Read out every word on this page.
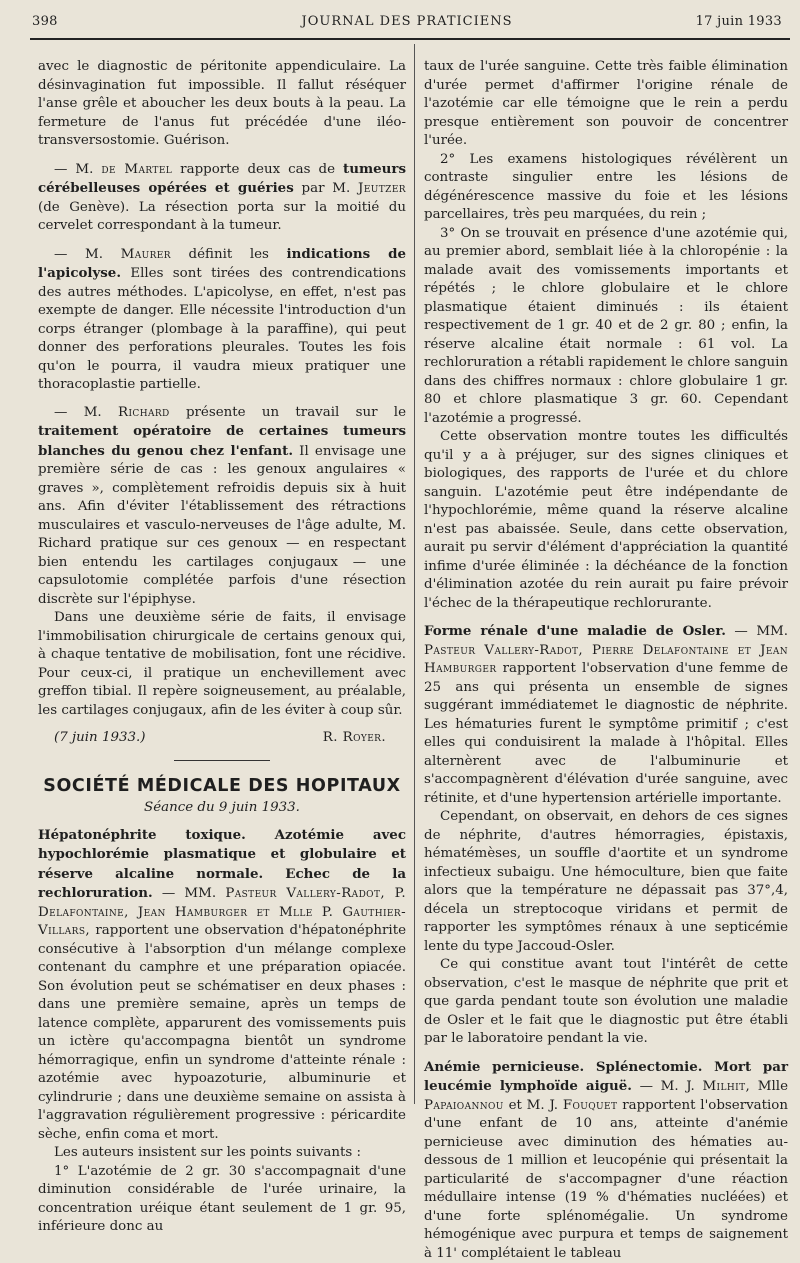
398	JOURNAL DES PRATICIENS	17 juin 1933

avec le diagnostic de péritonite appendiculaire. La désinvagination fut impossible. Il fallut réséquer l'anse grêle et aboucher les deux bouts à la peau. La fermeture de l'anus fut précédée d'une iléo-transversostomie. Guérison.

— M. de Martel rapporte deux cas de tumeurs cérébelleuses opérées et guéries par M. Jeutzer (de Genève). La résection porta sur la moitié du cervelet correspondant à la tumeur.

— M. Maurer définit les indications de l'apicolyse. Elles sont tirées des contrendications des autres méthodes. L'apicolyse, en effet, n'est pas exempte de danger. Elle nécessite l'introduction d'un corps étranger (plombage à la paraffine), qui peut donner des perforations pleurales. Toutes les fois qu'on le pourra, il vaudra mieux pratiquer une thoracoplastie partielle.

— M. Richard présente un travail sur le traitement opératoire de certaines tumeurs blanches du genou chez l'enfant. Il envisage une première série de cas : les genoux angulaires « graves », complètement refroidis depuis six à huit ans. Afin d'éviter l'établissement des rétractions musculaires et vasculo-nerveuses de l'âge adulte, M. Richard pratique sur ces genoux — en respectant bien entendu les cartilages conjugaux — une capsulotomie complétée parfois d'une résection discrète sur l'épiphyse.

Dans une deuxième série de faits, il envisage l'immobilisation chirurgicale de certains genoux qui, à chaque tentative de mobilisation, font une récidive. Pour ceux-ci, il pratique un enchevillement avec greffon tibial. Il repère soigneusement, au préalable, les cartilages conjugaux, afin de les éviter à coup sûr.

(7 juin 1933.)	R. Royer.
SOCIÉTÉ MÉDICALE DES HOPITAUX
Séance du 9 juin 1933.

Hépatonéphrite toxique. Azotémie avec hypochlorémie plasmatique et globulaire et réserve alcaline normale. Echec de la rechloruration. — MM. Pasteur Vallery-Radot, P. Delafontaine, Jean Hamburger et Mlle P. Gauthier-Villars, rapportent une observation d'hépatonéphrite consécutive à l'absorption d'un mélange complexe contenant du camphre et une préparation opiacée. Son évolution peut se schématiser en deux phases : dans une première semaine, après un temps de latence complète, apparurent des vomissements puis un ictère qu'accompagna bientôt un syndrome hémorragique, enfin un syndrome d'atteinte rénale : azotémie avec hypoazoturie, albuminurie et cylindrurie ; dans une deuxième semaine on assista à l'aggravation régulièrement progressive : péricardite sèche, enfin coma et mort.

Les auteurs insistent sur les points suivants :

1° L'azotémie de 2 gr. 30 s'accompagnait d'une diminution considérable de l'urée urinaire, la concentration uréique étant seulement de 1 gr. 95, inférieure donc au

taux de l'urée sanguine. Cette très faible élimination d'urée permet d'affirmer l'origine rénale de l'azotémie car elle témoigne que le rein a perdu presque entièrement son pouvoir de concentrer l'urée.

2° Les examens histologiques révélèrent un contraste singulier entre les lésions de dégénérescence massive du foie et les lésions parcellaires, très peu marquées, du rein ;

3° On se trouvait en présence d'une azotémie qui, au premier abord, semblait liée à la chloropénie : la malade avait des vomissements importants et répétés ; le chlore globulaire et le chlore plasmatique étaient diminués : ils étaient respectivement de 1 gr. 40 et de 2 gr. 80 ; enfin, la réserve alcaline était normale : 61 vol. La rechloruration a rétabli rapidement le chlore sanguin dans des chiffres normaux : chlore globulaire 1 gr. 80 et chlore plasmatique 3 gr. 60. Cependant l'azotémie a progressé.

Cette observation montre toutes les difficultés qu'il y a à préjuger, sur des signes cliniques et biologiques, des rapports de l'urée et du chlore sanguin. L'azotémie peut être indépendante de l'hypochlorémie, même quand la réserve alcaline n'est pas abaissée. Seule, dans cette observation, aurait pu servir d'élément d'appréciation la quantité infime d'urée éliminée : la déchéance de la fonction d'élimination azotée du rein aurait pu faire prévoir l'échec de la thérapeutique rechlorurante.

Forme rénale d'une maladie de Osler. — MM. Pasteur Vallery-Radot, Pierre Delafontaine et Jean Hamburger rapportent l'observation d'une femme de 25 ans qui présenta un ensemble de signes suggérant immédiatemet le diagnostic de néphrite. Les hématuries furent le symptôme primitif ; c'est elles qui conduisirent la malade à l'hôpital. Elles alternèrent avec de l'albuminurie et s'accompagnèrent d'élévation d'urée sanguine, avec rétinite, et d'une hypertension artérielle importante.

Cependant, on observait, en dehors de ces signes de néphrite, d'autres hémorragies, épistaxis, hématémèses, un souffle d'aortite et un syndrome infectieux subaigu. Une hémoculture, bien que faite alors que la température ne dépassait pas 37°,4, décela un streptocoque viridans et permit de rapporter les symptômes rénaux à une septicémie lente du type Jaccoud-Osler.

Ce qui constitue avant tout l'intérêt de cette observation, c'est le masque de néphrite que prit et que garda pendant toute son évolution une maladie de Osler et le fait que le diagnostic put être établi par le laboratoire pendant la vie.

Anémie pernicieuse. Splénectomie. Mort par leucémie lymphoïde aiguë. — M. J. Milhit, Mlle Papaioannou et M. J. Fouquet rapportent l'observation d'une enfant de 10 ans, atteinte d'anémie pernicieuse avec diminution des hématies au-dessous de 1 million et leucopénie qui présentait la particularité de s'accompagner d'une réaction médullaire intense (19 % d'hématies nucléées) et d'une forte splénomégalie. Un syndrome hémogénique avec purpura et temps de saignement à 11' complétaient le tableau
